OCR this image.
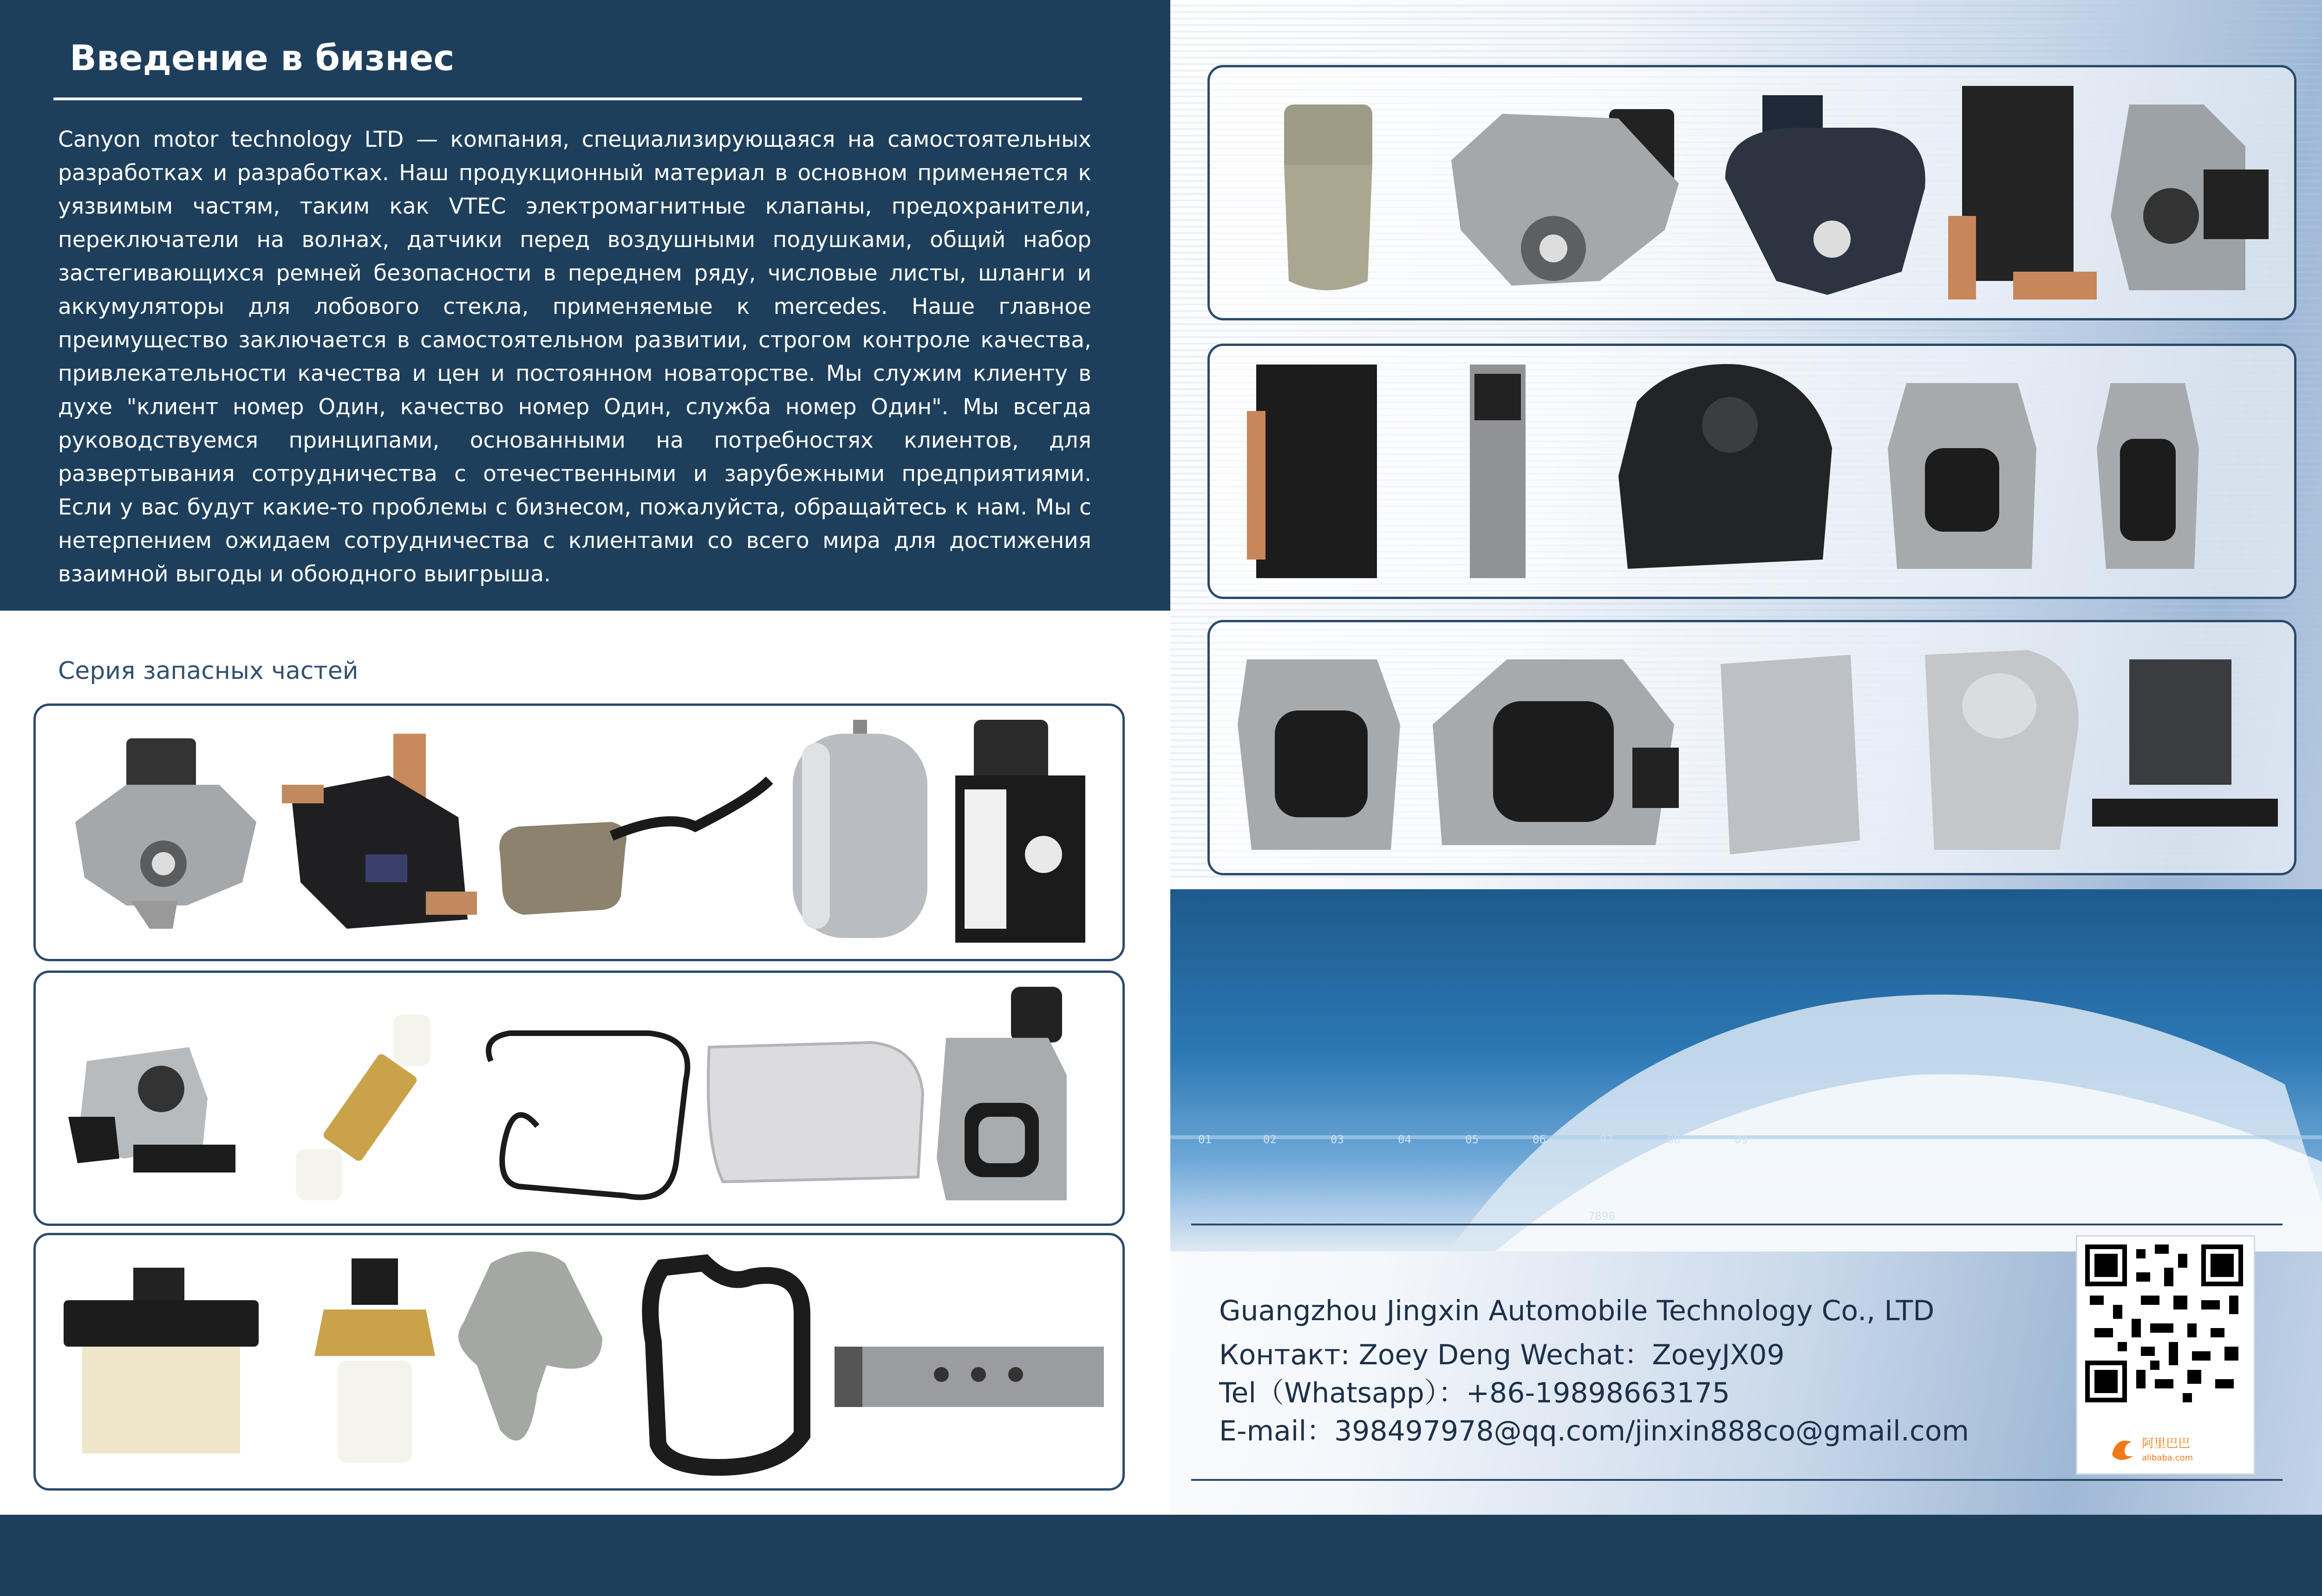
Введение в бизнес
Canyon motor technology LTD — компания, специализирующаяся на самостоятельных разработках и разработках. Наш продукционный материал в основном применяется к уязвимым частям, таким как VTEC электромагнитные клапаны, предохранители, переключатели на волнах, датчики перед воздушными подушками, общий набор застегивающихся ремней безопасности в переднем ряду, числовые листы, шланги и аккумуляторы для лобового стекла, применяемые к mercedes. Наше главное преимущество заключается в самостоятельном развитии, строгом контроле качества, привлекательности качества и цен и постоянном новаторстве. Мы служим клиенту в духе "клиент номер Один, качество номер Один, служба номер Один". Мы всегда руководствуемся принципами, основанными на потребностях клиентов, для развертывания сотрудничества с отечественными и зарубежными предприятиями. Если у вас будут какие-то проблемы с бизнесом, пожалуйста, обращайтесь к нам. Мы с нетерпением ожидаем сотрудничества с клиентами со всего мира для достижения взаимной выгоды и обоюдного выигрыша.
Серия запасных частей
01	02	03	04	05	06	07	08	09
7890
Guangzhou Jingxin Automobile Technology Co., LTD
Контакт: Zoey Deng Wechat：ZoeyJX09
Tel（Whatsapp）：+86-19898663175
E-mail：398497978@qq.com/jinxin888co@gmail.com	阿里巴巴
alibaba.com
